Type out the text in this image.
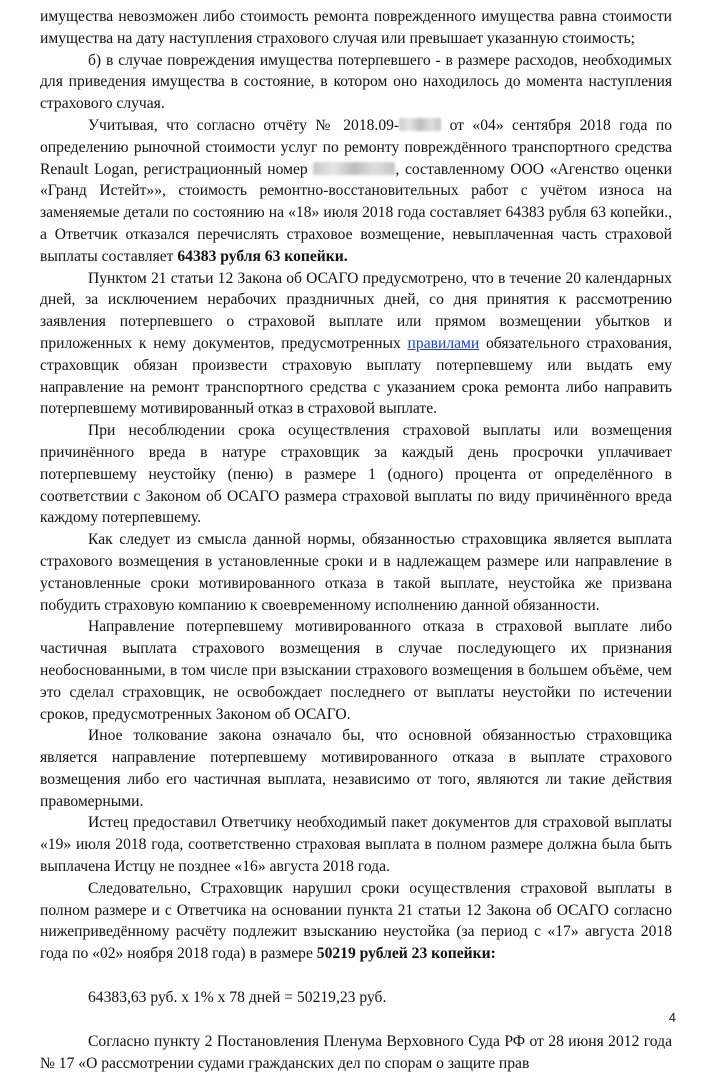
имущества невозможен либо стоимость ремонта поврежденного имущества равна стоимости имущества на дату наступления страхового случая или превышает указанную стоимость;

б) в случае повреждения имущества потерпевшего - в размере расходов, необходимых для приведения имущества в состояние, в котором оно находилось до момента наступления страхового случая.

Учитывая, что согласно отчёту № 2018.09-	от «04» сентября 2018 года по определению рыночной стоимости услуг по ремонту повреждённого транспортного средства Renault Logan, регистрационный номер	, составленному ООО «Агенство оценки «Гранд Истейт»», стоимость ремонтно-восстановительных работ с учётом износа на заменяемые детали по состоянию на «18» июля 2018 года составляет 64383 рубля 63 копейки., а Ответчик отказался перечислять страховое возмещение, невыплаченная часть страховой выплаты составляет 64383 рубля 63 копейки.

Пунктом 21 статьи 12 Закона об ОСАГО предусмотрено, что в течение 20 календарных дней, за исключением нерабочих праздничных дней, со дня принятия к рассмотрению заявления потерпевшего о страховой выплате или прямом возмещении убытков и приложенных к нему документов, предусмотренных правилами обязательного страхования, страховщик обязан произвести страховую выплату потерпевшему или выдать ему направление на ремонт транспортного средства с указанием срока ремонта либо направить потерпевшему мотивированный отказ в страховой выплате.

При несоблюдении срока осуществления страховой выплаты или возмещения причинённого вреда в натуре страховщик за каждый день просрочки уплачивает потерпевшему неустойку (пеню) в размере 1 (одного) процента от определённого в соответствии с Законом об ОСАГО размера страховой выплаты по виду причинённого вреда каждому потерпевшему.

Как следует из смысла данной нормы, обязанностью страховщика является выплата страхового возмещения в установленные сроки и в надлежащем размере или направление в установленные сроки мотивированного отказа в такой выплате, неустойка же призвана побудить страховую компанию к своевременному исполнению данной обязанности.

Направление потерпевшему мотивированного отказа в страховой выплате либо частичная выплата страхового возмещения в случае последующего их признания необоснованными, в том числе при взыскании страхового возмещения в большем объёме, чем это сделал страховщик, не освобождает последнего от выплаты неустойки по истечении сроков, предусмотренных Законом об ОСАГО.

Иное толкование закона означало бы, что основной обязанностью страховщика является направление потерпевшему мотивированного отказа в выплате страхового возмещения либо его частичная выплата, независимо от того, являются ли такие действия правомерными.

Истец предоставил Ответчику необходимый пакет документов для страховой выплаты «19» июля 2018 года, соответственно страховая выплата в полном размере должна была быть выплачена Истцу не позднее «16» августа 2018 года.

Следовательно, Страховщик нарушил сроки осуществления страховой выплаты в полном размере и с Ответчика на основании пункта 21 статьи 12 Закона об ОСАГО согласно нижеприведённому расчёту подлежит взысканию неустойка (за период с «17» августа 2018 года по «02» ноября 2018 года) в размере 50219 рублей 23 копейки:

64383,63 руб. х 1% х 78 дней = 50219,23 руб.

Согласно пункту 2 Постановления Пленума Верховного Суда РФ от 28 июня 2012 года № 17 «О рассмотрении судами гражданских дел по спорам о защите прав

4
